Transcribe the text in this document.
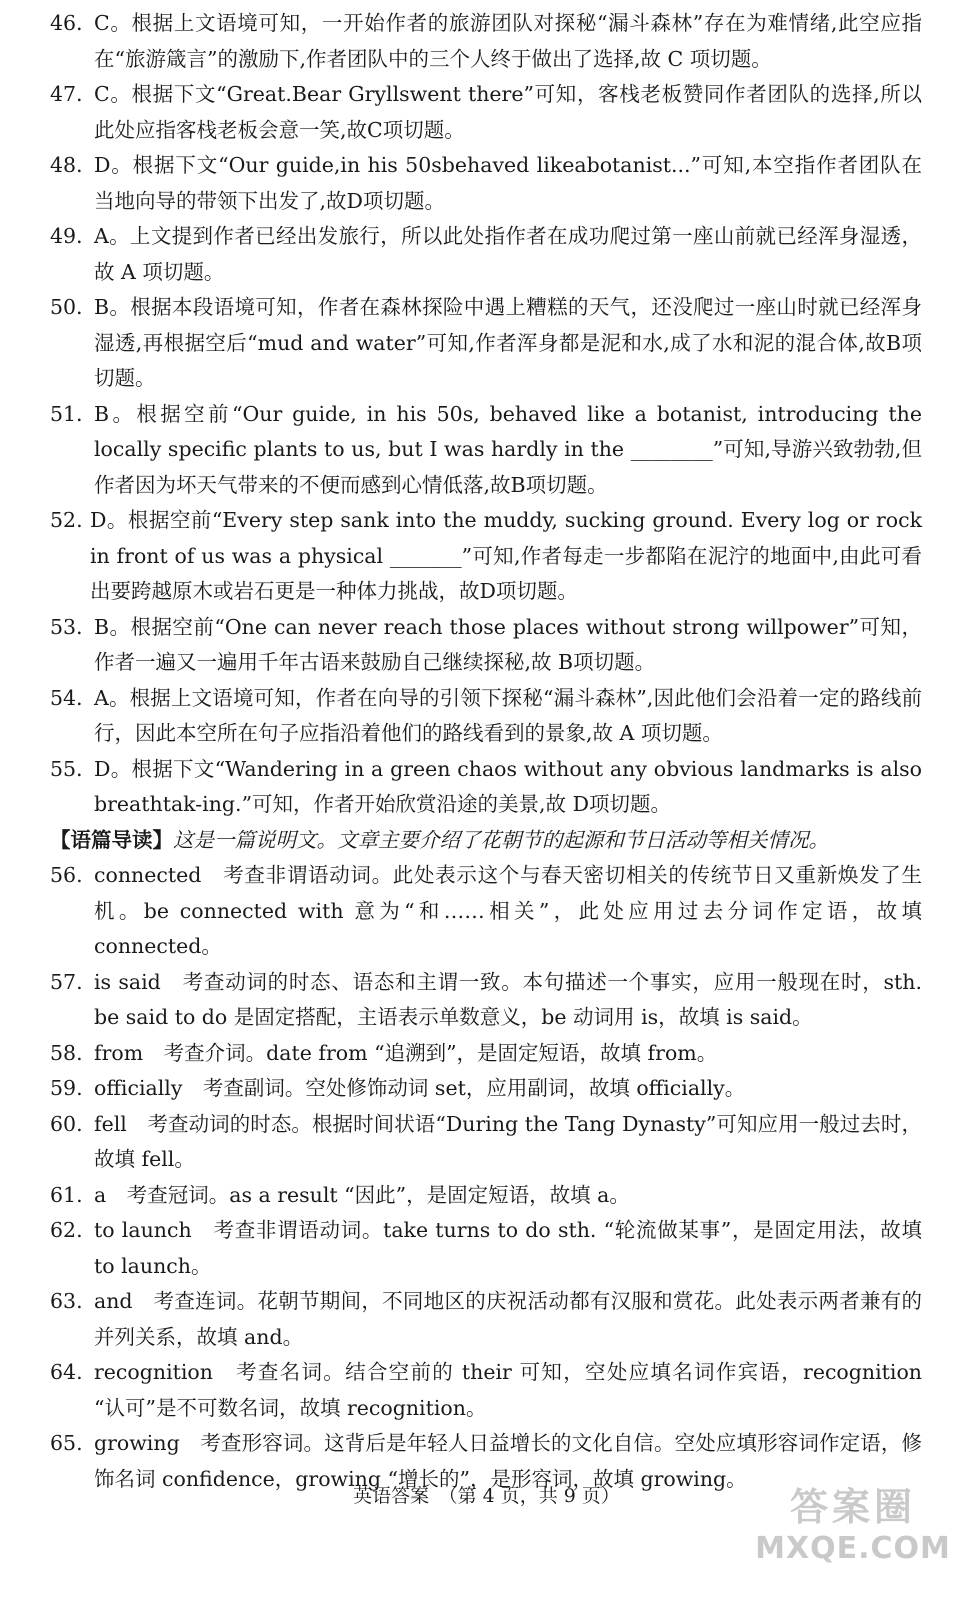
46．
C。根据上文语境可知，一开始作者的旅游团队对探秘“漏斗森林”存在为难情绪,此空应指在“旅游箴言”的激励下,作者团队中的三个人终于做出了选择,故 C 项切题。
47．
C。根据下文“Great.Bear Gryllswent there”可知，客栈老板赞同作者团队的选择,所以此处应指客栈老板会意一笑,故C项切题。
48．
D。根据下文“Our guide,in his 50sbehaved likeabotanist...”可知,本空指作者团队在当地向导的带领下出发了,故D项切题。
49．
A。上文提到作者已经出发旅行，所以此处指作者在成功爬过第一座山前就已经浑身湿透，故 A 项切题。
50．
B。根据本段语境可知，作者在森林探险中遇上糟糕的天气，还没爬过一座山时就已经浑身湿透,再根据空后“mud and water”可知,作者浑身都是泥和水,成了水和泥的混合体,故B项切题。
51．
B。根据空前“Our guide, in his 50s, behaved like a botanist, introducing the locally specific plants to us, but I was hardly in the ________”可知,导游兴致勃勃,但作者因为坏天气带来的不便而感到心情低落,故B项切题。
52. D。根据空前“Every step sank into the muddy, sucking ground. Every log or rock in front of us was a physical _______”可知,作者每走一步都陷在泥泞的地面中,由此可看出要跨越原木或岩石更是一种体力挑战，故D项切题。
53．
B。根据空前“One can never reach those places without strong willpower”可知，作者一遍又一遍用千年古语来鼓励自己继续探秘,故 B项切题。
54．
A。根据上文语境可知，作者在向导的引领下探秘“漏斗森林”,因此他们会沿着一定的路线前行，因此本空所在句子应指沿着他们的路线看到的景象,故 A 项切题。
55．
D。根据下文“Wandering in a green chaos without any obvious landmarks is also breathtak-ing.”可知，作者开始欣赏沿途的美景,故 D项切题。
【语篇导读】这是一篇说明文。文章主要介绍了花朝节的起源和节日活动等相关情况。
56. connected　考查非谓语动词。此处表示这个与春天密切相关的传统节日又重新焕发了生机。be connected with 意为“和……相关”，此处应用过去分词作定语，故填 connected。
57. is said　考查动词的时态、语态和主谓一致。本句描述一个事实，应用一般现在时，sth. be said to do 是固定搭配，主语表示单数意义，be 动词用 is，故填 is said。
58. from　考查介词。date from “追溯到”，是固定短语，故填 from。
59. officially　考查副词。空处修饰动词 set，应用副词，故填 officially。
60. fell　考查动词的时态。根据时间状语“During the Tang Dynasty”可知应用一般过去时，故填 fell。
61. a　考查冠词。as a result “因此”，是固定短语，故填 a。
62. to launch　考查非谓语动词。take turns to do sth. “轮流做某事”，是固定用法，故填 to launch。
63. and　考查连词。花朝节期间，不同地区的庆祝活动都有汉服和赏花。此处表示两者兼有的并列关系，故填 and。
64. recognition　考查名词。结合空前的 their 可知，空处应填名词作宾语，recognition “认可”是不可数名词，故填 recognition。
65. growing　考查形容词。这背后是年轻人日益增长的文化自信。空处应填形容词作定语，修饰名词 confidence，growing “增长的”，是形容词，故填 growing。
英语答案　（第 4 页，共 9 页）	答案圈
MXQE.COM
